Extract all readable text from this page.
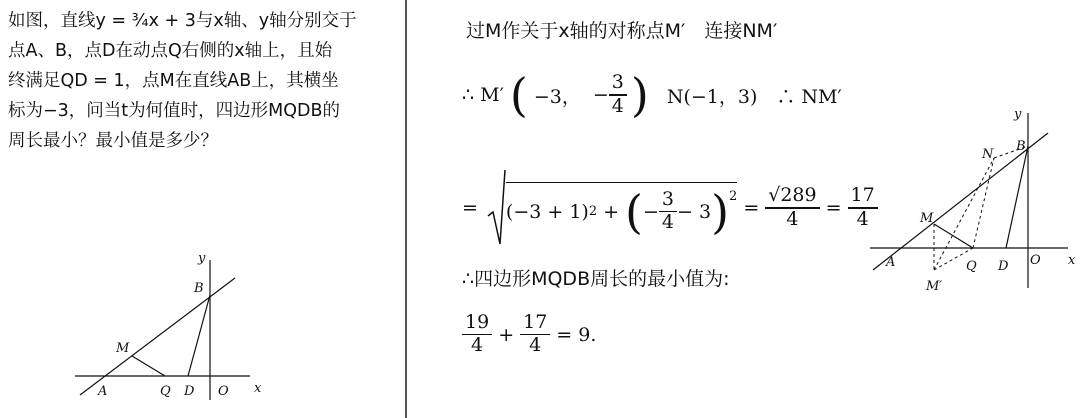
如图，直线y = ¾x + 3与x轴、y轴分别交于
点A、B，点D在动点Q右侧的x轴上，且始
终满足QD = 1，点M在直线AB上，其横坐
标为−3，问当t为何值时，四边形MQDB的
周长最小？最小值是多少？
y
x
B
M
A	Q D O
过M作关于x轴的对称点M′　连接NM′
∴ M′ ( −3， − $\frac{3}{4}$ ) N(−1，3)　∴ NM′
= (−3 + 1) 2 + ( − $\frac{3}{4} - 3$ )$^2$
= $\frac{√289}{4} = \frac{17}{4}$
∴四边形MQDB周长的最小值为:
$\frac{19}{4} + \frac{17}{4} = 9$.
y
x
B
N
M
A	Q D O
M′
